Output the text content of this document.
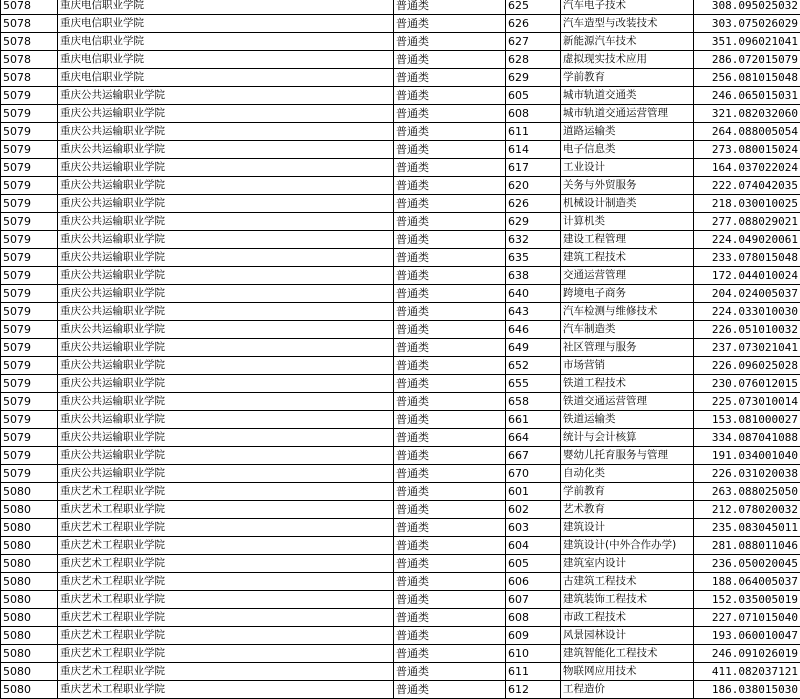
5078	重庆电信职业学院	普通类	625	汽车电子技术	308.095025032
5078	重庆电信职业学院	普通类	626	汽车造型与改装技术	303.075026029
5078	重庆电信职业学院	普通类	627	新能源汽车技术	351.096021041
5078	重庆电信职业学院	普通类	628	虚拟现实技术应用	286.072015079
5078	重庆电信职业学院	普通类	629	学前教育	256.081015048
5079	重庆公共运输职业学院	普通类	605	城市轨道交通类	246.065015031
5079	重庆公共运输职业学院	普通类	608	城市轨道交通运营管理	321.082032060
5079	重庆公共运输职业学院	普通类	611	道路运输类	264.088005054
5079	重庆公共运输职业学院	普通类	614	电子信息类	273.080015024
5079	重庆公共运输职业学院	普通类	617	工业设计	164.037022024
5079	重庆公共运输职业学院	普通类	620	关务与外贸服务	222.074042035
5079	重庆公共运输职业学院	普通类	626	机械设计制造类	218.030010025
5079	重庆公共运输职业学院	普通类	629	计算机类	277.088029021
5079	重庆公共运输职业学院	普通类	632	建设工程管理	224.049020061
5079	重庆公共运输职业学院	普通类	635	建筑工程技术	233.078015048
5079	重庆公共运输职业学院	普通类	638	交通运营管理	172.044010024
5079	重庆公共运输职业学院	普通类	640	跨境电子商务	204.024005037
5079	重庆公共运输职业学院	普通类	643	汽车检测与维修技术	224.033010030
5079	重庆公共运输职业学院	普通类	646	汽车制造类	226.051010032
5079	重庆公共运输职业学院	普通类	649	社区管理与服务	237.073021041
5079	重庆公共运输职业学院	普通类	652	市场营销	226.096025028
5079	重庆公共运输职业学院	普通类	655	铁道工程技术	230.076012015
5079	重庆公共运输职业学院	普通类	658	铁道交通运营管理	225.073010014
5079	重庆公共运输职业学院	普通类	661	铁道运输类	153.081000027
5079	重庆公共运输职业学院	普通类	664	统计与会计核算	334.087041088
5079	重庆公共运输职业学院	普通类	667	婴幼儿托育服务与管理	191.034001040
5079	重庆公共运输职业学院	普通类	670	自动化类	226.031020038
5080	重庆艺术工程职业学院	普通类	601	学前教育	263.088025050
5080	重庆艺术工程职业学院	普通类	602	艺术教育	212.078020032
5080	重庆艺术工程职业学院	普通类	603	建筑设计	235.083045011
5080	重庆艺术工程职业学院	普通类	604	建筑设计(中外合作办学)	281.088011046
5080	重庆艺术工程职业学院	普通类	605	建筑室内设计	236.050020045
5080	重庆艺术工程职业学院	普通类	606	古建筑工程技术	188.064005037
5080	重庆艺术工程职业学院	普通类	607	建筑装饰工程技术	152.035005019
5080	重庆艺术工程职业学院	普通类	608	市政工程技术	227.071015040
5080	重庆艺术工程职业学院	普通类	609	风景园林设计	193.060010047
5080	重庆艺术工程职业学院	普通类	610	建筑智能化工程技术	246.091026019
5080	重庆艺术工程职业学院	普通类	611	物联网应用技术	411.082037121
5080	重庆艺术工程职业学院	普通类	612	工程造价	186.038015030
